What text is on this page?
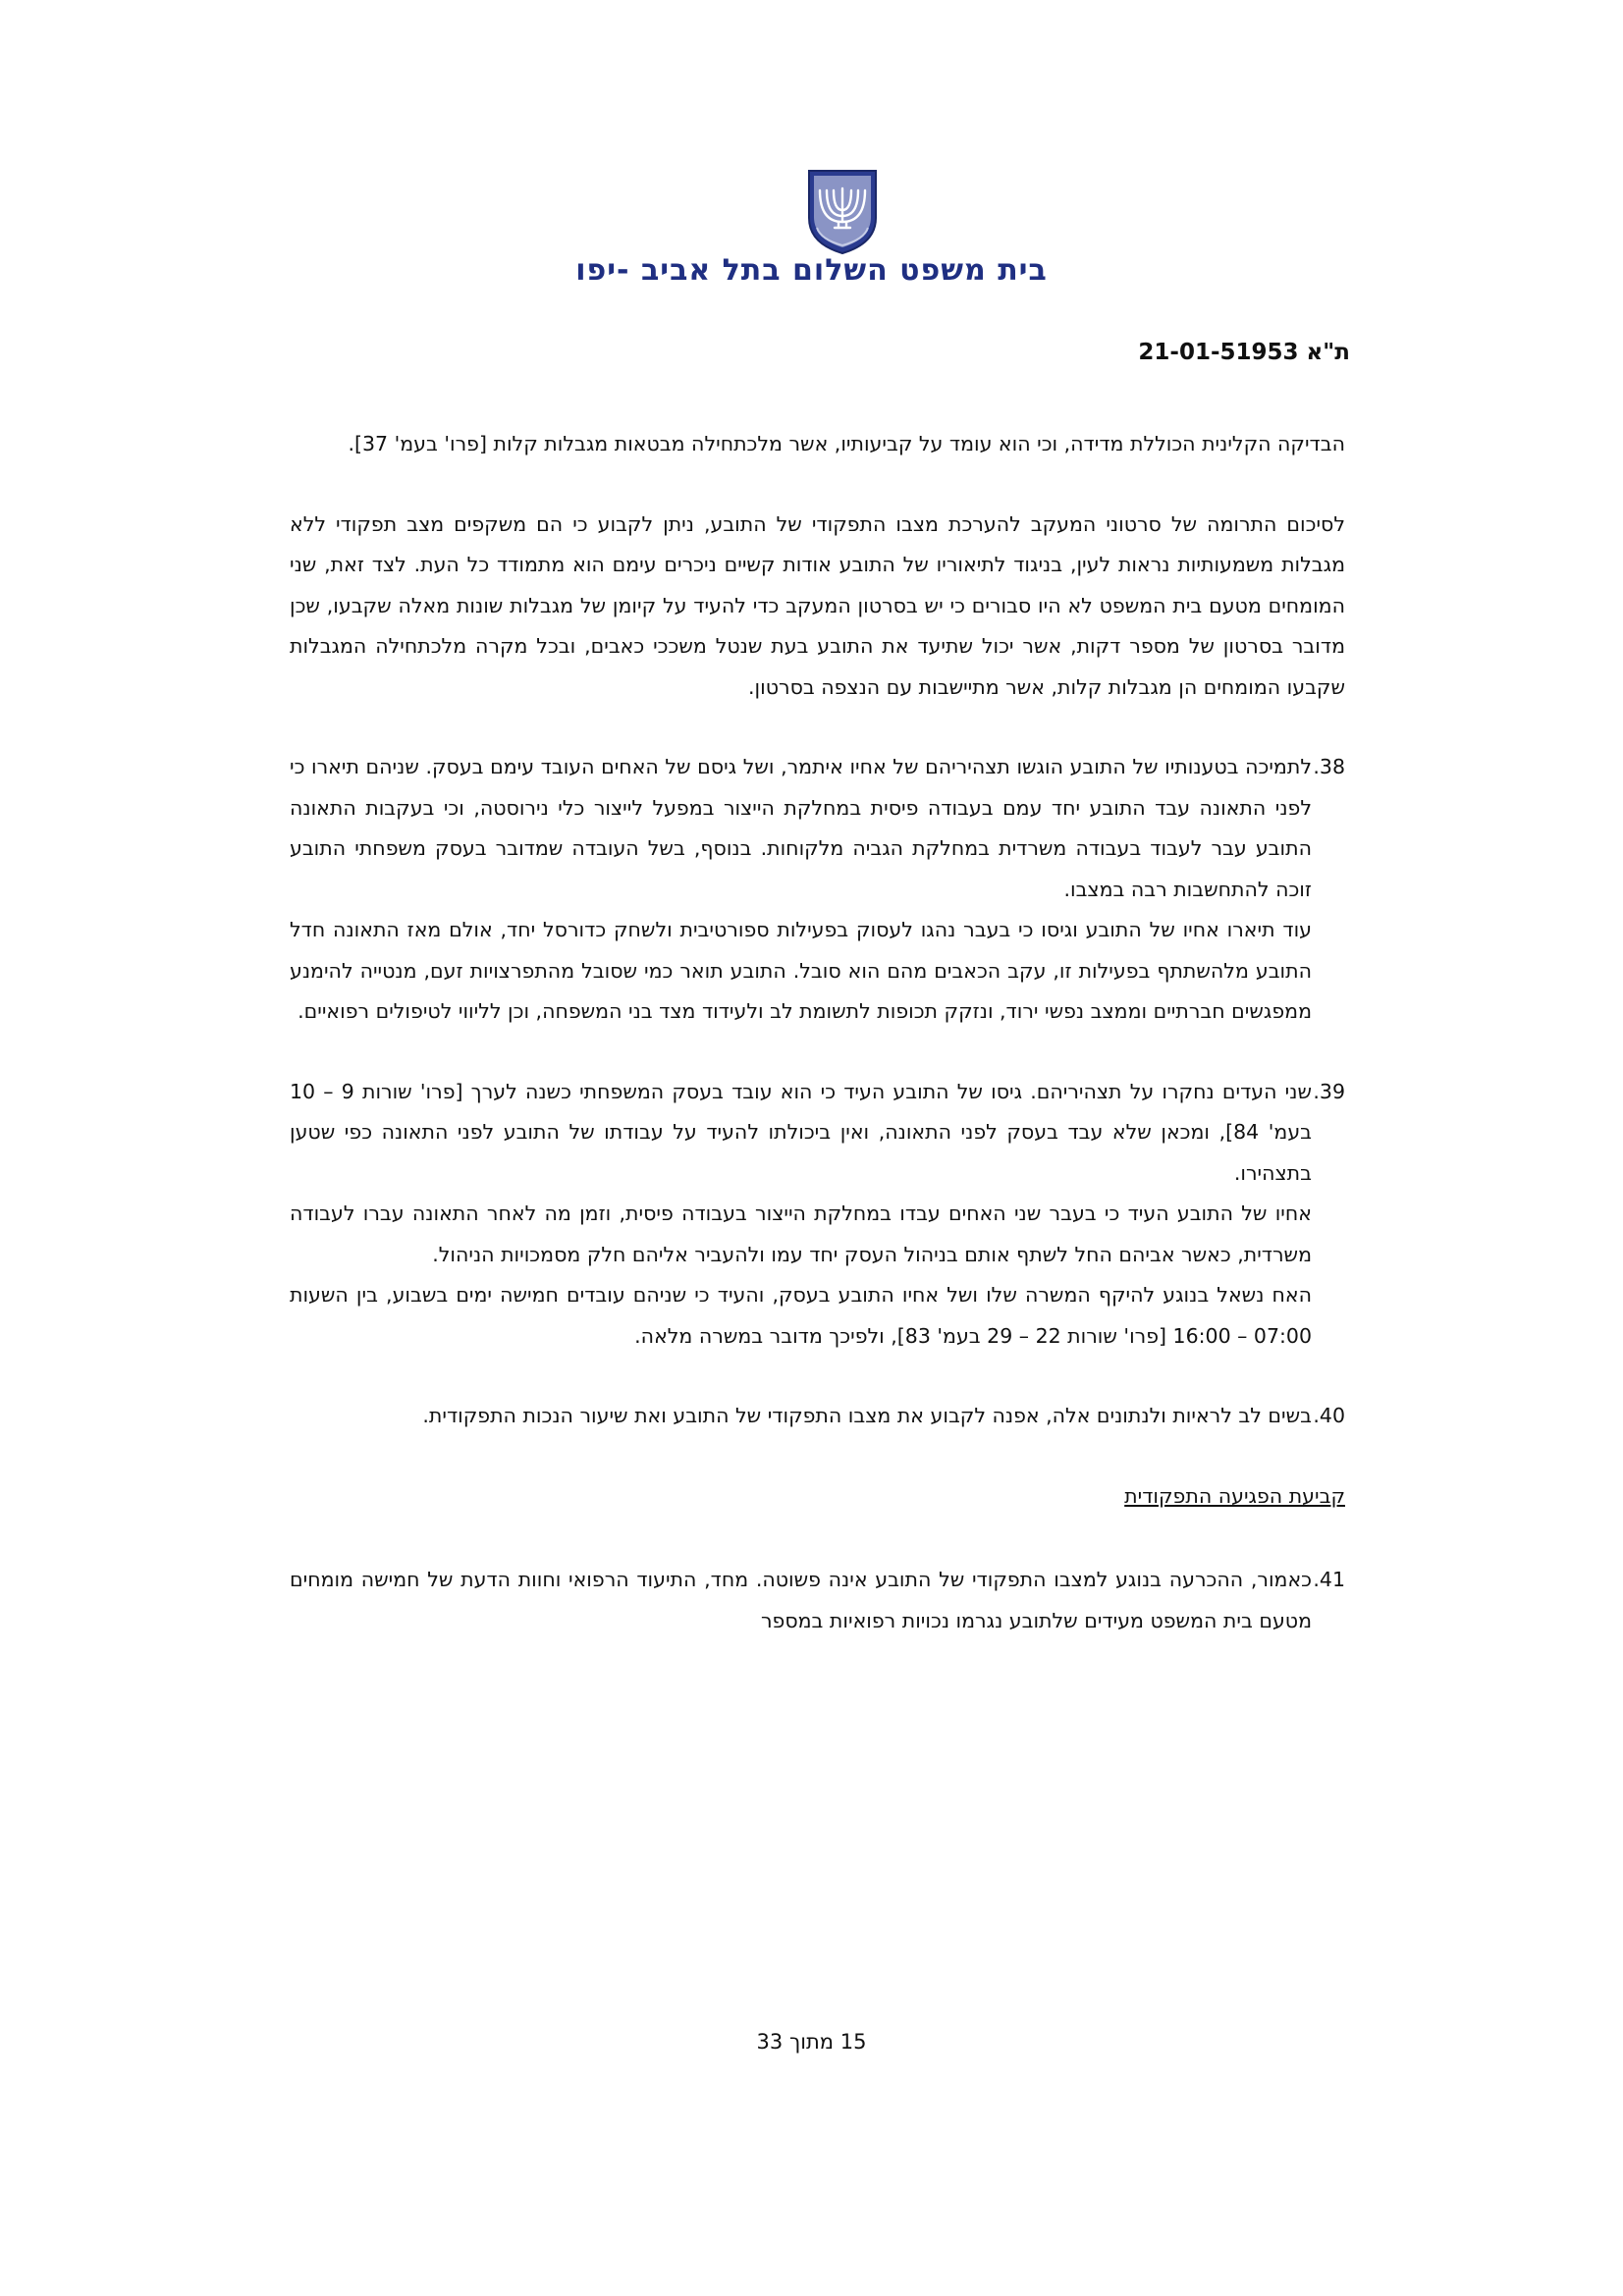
בית משפט השלום בתל אביב -יפו
ת"א 21-01-51953

הבדיקה הקלינית הכוללת מדידה, וכי הוא עומד על קביעותיו, אשר מלכתחילה מבטאות מגבלות קלות [פרו' בעמ' 37].

לסיכום התרומה של סרטוני המעקב להערכת מצבו התפקודי של התובע, ניתן לקבוע כי הם משקפים מצב תפקודי ללא מגבלות משמעותיות נראות לעין, בניגוד לתיאוריו של התובע אודות קשיים ניכרים עימם הוא מתמודד כל העת. לצד זאת, שני המומחים מטעם בית המשפט לא היו סבורים כי יש בסרטון המעקב כדי להעיד על קיומן של מגבלות שונות מאלה שקבעו, שכן מדובר בסרטון של מספר דקות, אשר יכול שתיעד את התובע בעת שנטל משככי כאבים, ובכל מקרה מלכתחילה המגבלות שקבעו המומחים הן מגבלות קלות, אשר מתיישבות עם הנצפה בסרטון.

38.

לתמיכה בטענותיו של התובע הוגשו תצהיריהם של אחיו איתמר, ושל גיסם של האחים העובד עימם בעסק. שניהם תיארו כי לפני התאונה עבד התובע יחד עמם בעבודה פיסית במחלקת הייצור במפעל לייצור כלי נירוסטה, וכי בעקבות התאונה התובע עבר לעבוד בעבודה משרדית במחלקת הגביה מלקוחות. בנוסף, בשל העובדה שמדובר בעסק משפחתי התובע זוכה להתחשבות רבה במצבו.

עוד תיארו אחיו של התובע וגיסו כי בעבר נהגו לעסוק בפעילות ספורטיבית ולשחק כדורסל יחד, אולם מאז התאונה חדל התובע מלהשתתף בפעילות זו, עקב הכאבים מהם הוא סובל. התובע תואר כמי שסובל מהתפרצויות זעם, מנטייה להימנע ממפגשים חברתיים וממצב נפשי ירוד, ונזקק תכופות לתשומת לב ולעידוד מצד בני המשפחה, וכן לליווי לטיפולים רפואיים.

39.

שני העדים נחקרו על תצהיריהם. גיסו של התובע העיד כי הוא עובד בעסק המשפחתי כשנה לערך [פרו' שורות 9 – 10 בעמ' 84], ומכאן שלא עבד בעסק לפני התאונה, ואין ביכולתו להעיד על עבודתו של התובע לפני התאונה כפי שטען בתצהירו.

אחיו של התובע העיד כי בעבר שני האחים עבדו במחלקת הייצור בעבודה פיסית, וזמן מה לאחר התאונה עברו לעבודה משרדית, כאשר אביהם החל לשתף אותם בניהול העסק יחד עמו ולהעביר אליהם חלק מסמכויות הניהול.

האח נשאל בנוגע להיקף המשרה שלו ושל אחיו התובע בעסק, והעיד כי שניהם עובדים חמישה ימים בשבוע, בין השעות 07:00 – 16:00 [פרו' שורות 22 – 29 בעמ' 83], ולפיכך מדובר במשרה מלאה.

40.

בשים לב לראיות ולנתונים אלה, אפנה לקבוע את מצבו התפקודי של התובע ואת שיעור הנכות התפקודית.

קביעת הפגיעה התפקודית

41.

כאמור, ההכרעה בנוגע למצבו התפקודי של התובע אינה פשוטה. מחד, התיעוד הרפואי וחוות הדעת של חמישה מומחים מטעם בית המשפט מעידים שלתובע נגרמו נכויות רפואיות במספר

15 מתוך 33
